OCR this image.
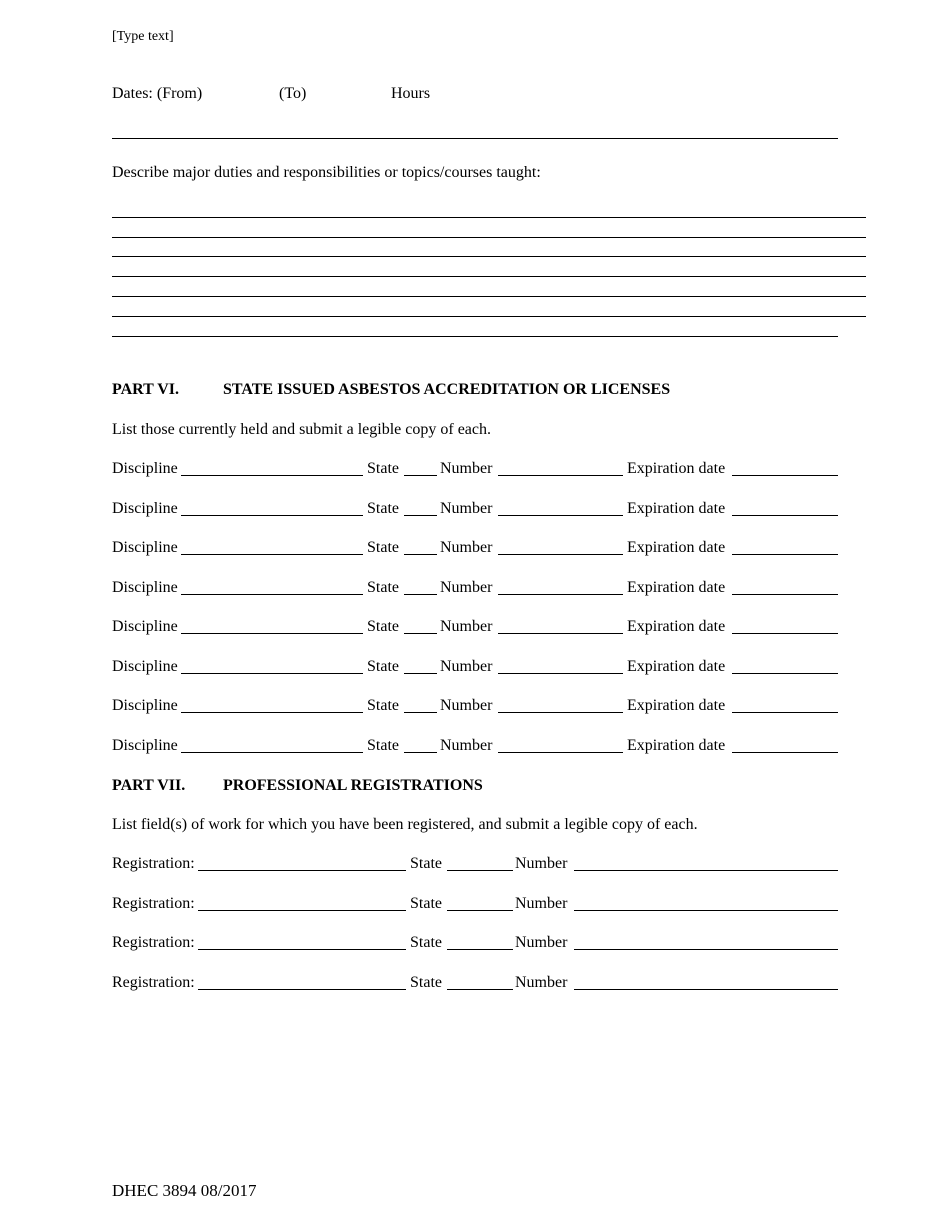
[Type text]
Dates: (From)	(To)	Hours
Describe major duties and responsibilities or topics/courses taught:
PART VI.	STATE ISSUED ASBESTOS ACCREDITATION OR LICENSES
List those currently held and submit a legible copy of each.
Discipline	State	Number	Expiration date
Discipline	State	Number	Expiration date
Discipline	State	Number	Expiration date
Discipline	State	Number	Expiration date
Discipline	State	Number	Expiration date
Discipline	State	Number	Expiration date
Discipline	State	Number	Expiration date
Discipline	State	Number	Expiration date
PART VII. PROFESSIONAL REGISTRATIONS
List field(s) of work for which you have been registered, and submit a legible copy of each.
Registration:	State	Number
Registration:	State	Number
Registration:	State	Number
Registration:	State	Number
DHEC 3894 08/2017
